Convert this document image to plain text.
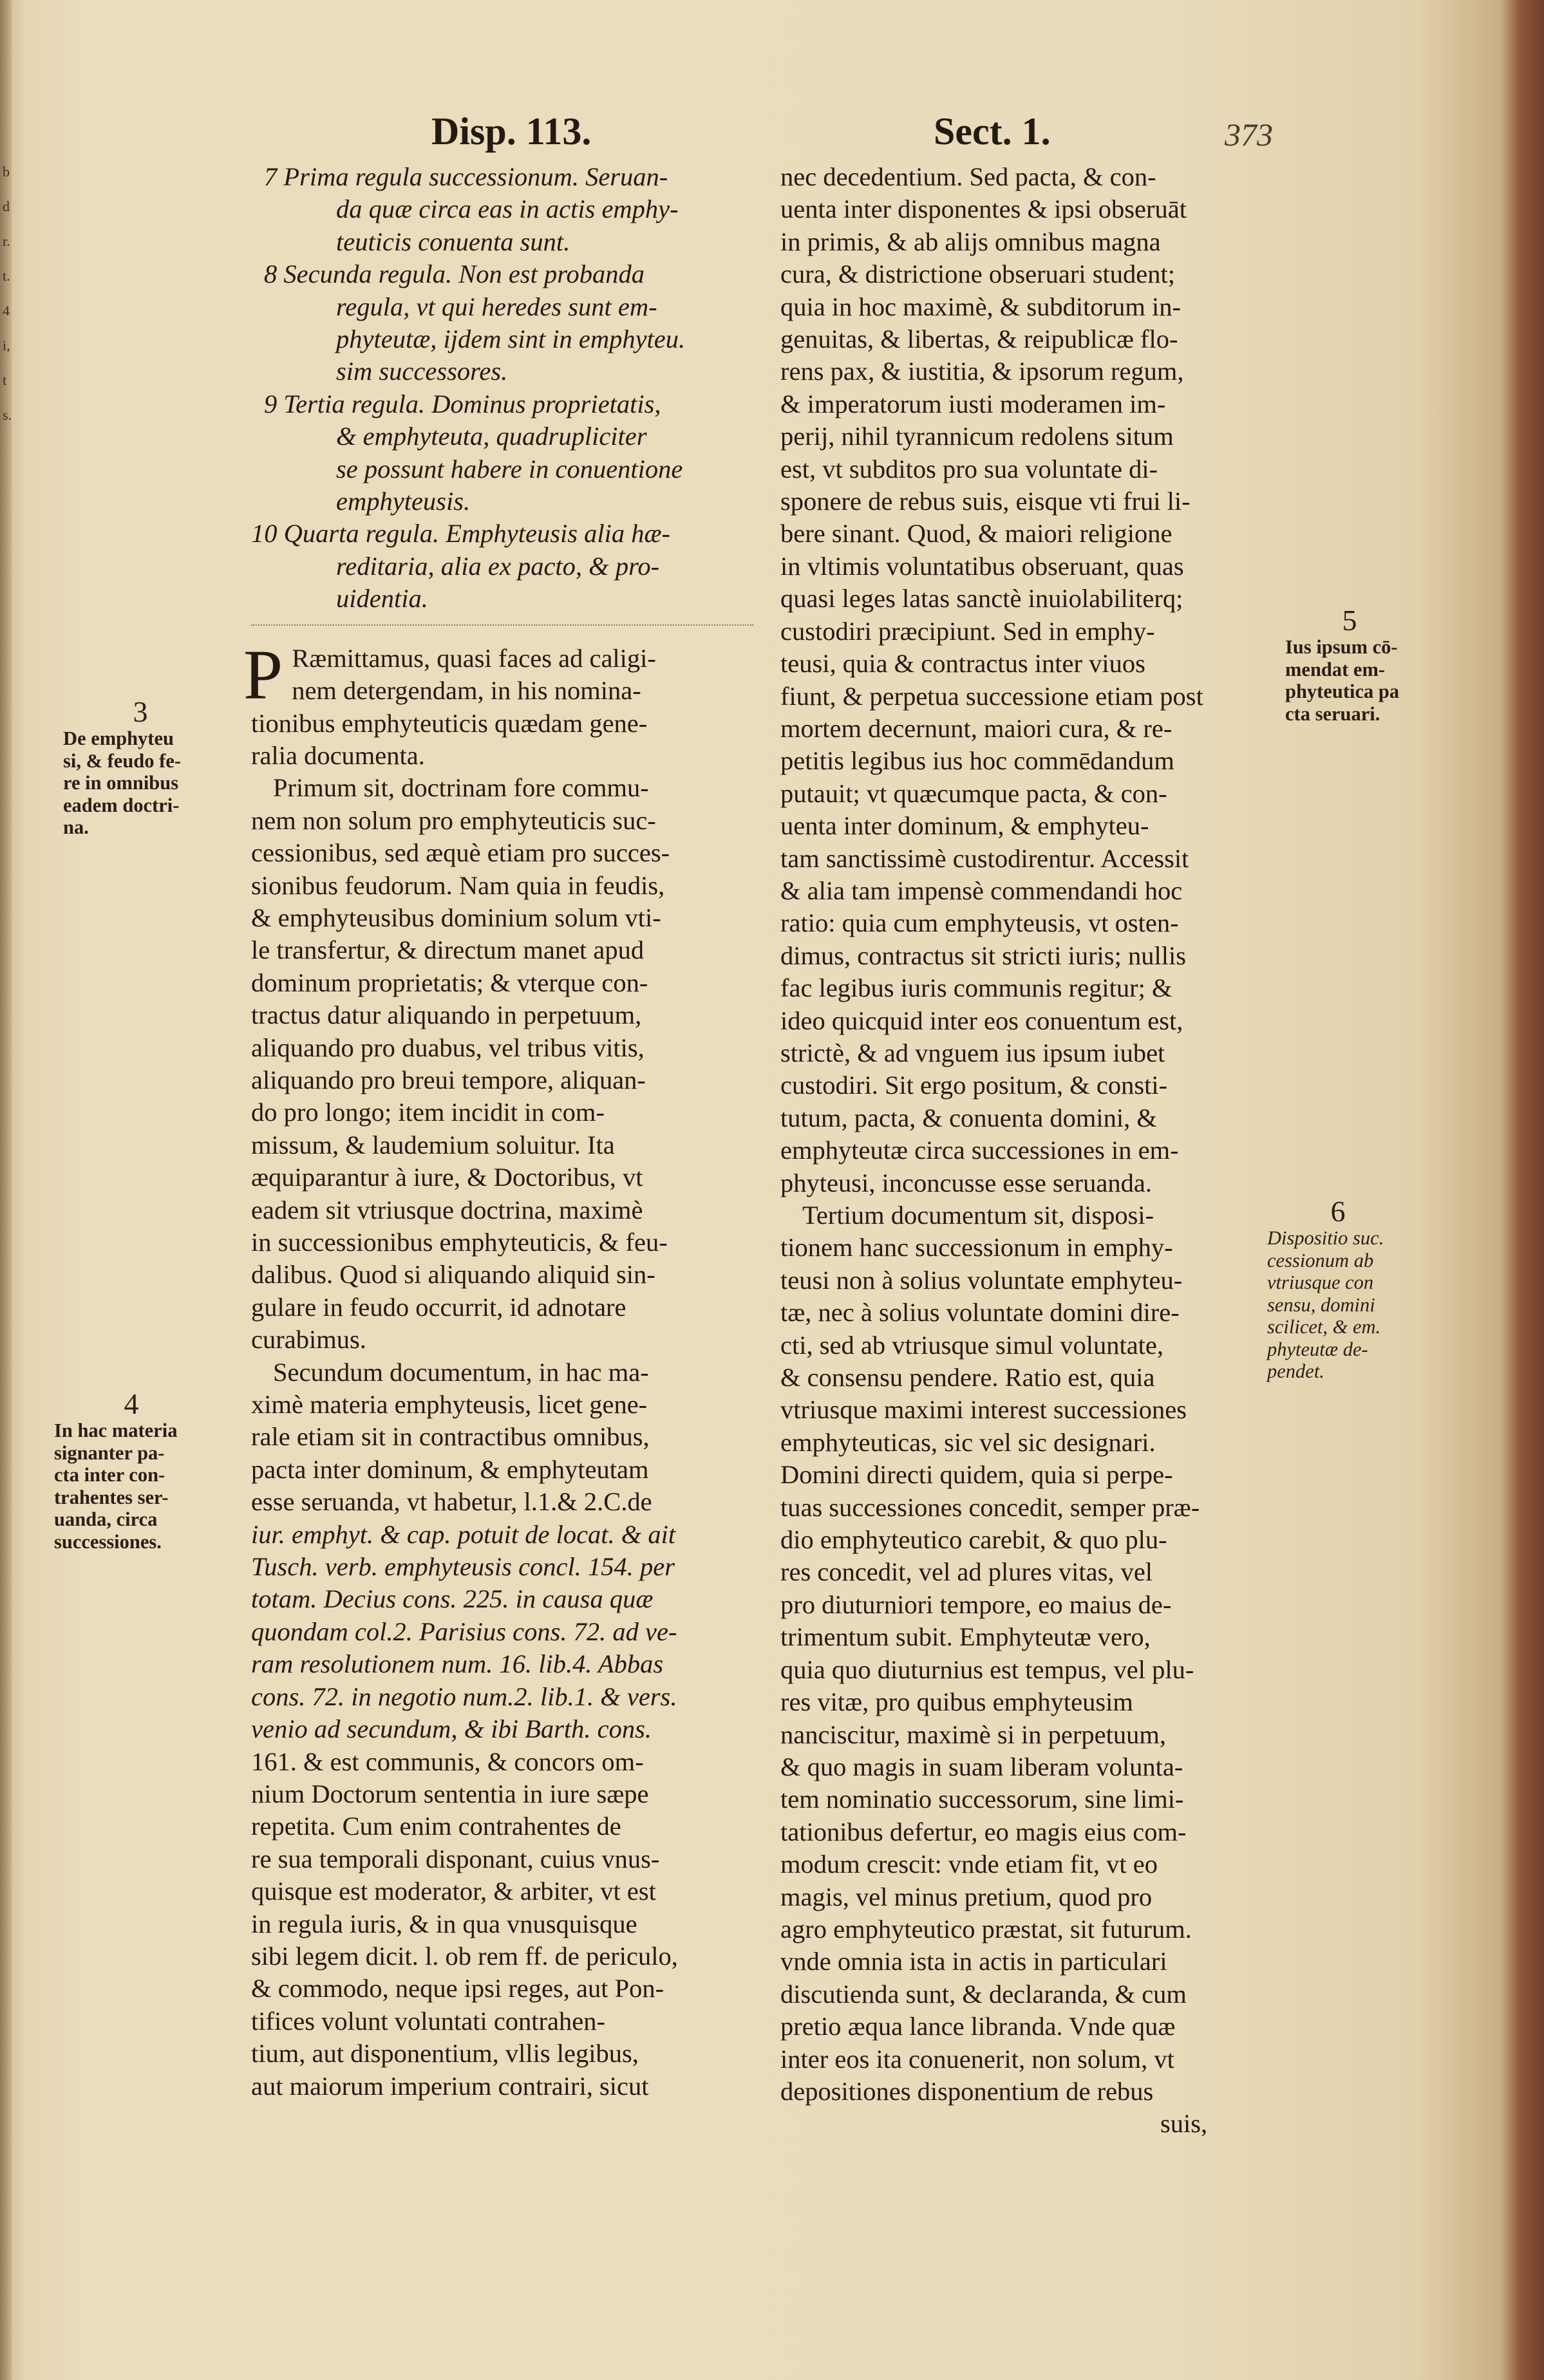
b
d
r.
t.
4
i,
t
s.
Disp. 113.	Sect. 1.	373
7 Prima regula successionum. Seruan-
da quæ circa eas in actis emphy-
teuticis conuenta sunt.
8 Secunda regula. Non est probanda
regula, vt qui heredes sunt em-
phyteutæ, ijdem sint in emphyteu.
sim successores.
9 Tertia regula. Dominus proprietatis,
& emphyteuta, quadrupliciter
se possunt habere in conuentione
emphyteusis.
10 Quarta regula. Emphyteusis alia hæ-
reditaria, alia ex pacto, & pro-
uidentia.
P Ræmittamus, quasi faces ad caligi-
nem detergendam, in his nomina-
tionibus emphyteuticis quædam gene-
ralia documenta.
Primum sit, doctrinam fore commu-
nem non solum pro emphyteuticis suc-
cessionibus, sed æquè etiam pro succes-
sionibus feudorum. Nam quia in feudis,
& emphyteusibus dominium solum vti-
le transfertur, & directum manet apud
dominum proprietatis; & vterque con-
tractus datur aliquando in perpetuum,
aliquando pro duabus, vel tribus vitis,
aliquando pro breui tempore, aliquan-
do pro longo; item incidit in com-
missum, & laudemium soluitur. Ita
æquiparantur à iure, & Doctoribus, vt
eadem sit vtriusque doctrina, maximè
in successionibus emphyteuticis, & feu-
dalibus. Quod si aliquando aliquid sin-
gulare in feudo occurrit, id adnotare
curabimus.
Secundum documentum, in hac ma-
ximè materia emphyteusis, licet gene-
rale etiam sit in contractibus omnibus,
pacta inter dominum, & emphyteutam
esse seruanda, vt habetur, l.1.& 2.C.de
iur. emphyt. & cap. potuit de locat. & ait
Tusch. verb. emphyteusis concl. 154. per
totam. Decius cons. 225. in causa quæ
quondam col.2. Parisius cons. 72. ad ve-
ram resolutionem num. 16. lib.4. Abbas
cons. 72. in negotio num.2. lib.1. & vers.
venio ad secundum, & ibi Barth. cons.
161. & est communis, & concors om-
nium Doctorum sententia in iure sæpe
repetita. Cum enim contrahentes de
re sua temporali disponant, cuius vnus-
quisque est moderator, & arbiter, vt est
in regula iuris, & in qua vnusquisque
sibi legem dicit. l. ob rem ff. de periculo,
& commodo, neque ipsi reges, aut Pon-
tifices volunt voluntati contrahen-
tium, aut disponentium, vllis legibus,
aut maiorum imperium contrairi, sicut
nec decedentium. Sed pacta, & con-
uenta inter disponentes & ipsi obseruāt
in primis, & ab alijs omnibus magna
cura, & districtione obseruari student;
quia in hoc maximè, & subditorum in-
genuitas, & libertas, & reipublicæ flo-
rens pax, & iustitia, & ipsorum regum,
& imperatorum iusti moderamen im-
perij, nihil tyrannicum redolens situm
est, vt subditos pro sua voluntate di-
sponere de rebus suis, eisque vti frui li-
bere sinant. Quod, & maiori religione
in vltimis voluntatibus obseruant, quas
quasi leges latas sanctè inuiolabiliterq;
custodiri præcipiunt. Sed in emphy-
teusi, quia & contractus inter viuos
fiunt, & perpetua successione etiam post
mortem decernunt, maiori cura, & re-
petitis legibus ius hoc commēdandum
putauit; vt quæcumque pacta, & con-
uenta inter dominum, & emphyteu-
tam sanctissimè custodirentur. Accessit
& alia tam impensè commendandi hoc
ratio: quia cum emphyteusis, vt osten-
dimus, contractus sit stricti iuris; nullis
fac legibus iuris communis regitur; &
ideo quicquid inter eos conuentum est,
strictè, & ad vnguem ius ipsum iubet
custodiri. Sit ergo positum, & consti-
tutum, pacta, & conuenta domini, &
emphyteutæ circa successiones in em-
phyteusi, inconcusse esse seruanda.
Tertium documentum sit, disposi-
tionem hanc successionum in emphy-
teusi non à solius voluntate emphyteu-
tæ, nec à solius voluntate domini dire-
cti, sed ab vtriusque simul voluntate,
& consensu pendere. Ratio est, quia
vtriusque maximi interest successiones
emphyteuticas, sic vel sic designari.
Domini directi quidem, quia si perpe-
tuas successiones concedit, semper præ-
dio emphyteutico carebit, & quo plu-
res concedit, vel ad plures vitas, vel
pro diuturniori tempore, eo maius de-
trimentum subit. Emphyteutæ vero,
quia quo diuturnius est tempus, vel plu-
res vitæ, pro quibus emphyteusim
nanciscitur, maximè si in perpetuum,
& quo magis in suam liberam volunta-
tem nominatio successorum, sine limi-
tationibus defertur, eo magis eius com-
modum crescit: vnde etiam fit, vt eo
magis, vel minus pretium, quod pro
agro emphyteutico præstat, sit futurum.
vnde omnia ista in actis in particulari
discutienda sunt, & declaranda, & cum
pretio æqua lance libranda. Vnde quæ
inter eos ita conuenerit, non solum, vt
depositiones disponentium de rebus
suis,
3
De emphyteu
si, & feudo fe-
re in omnibus
eadem doctri-
na.
4
In hac materia
signanter pa-
cta inter con-
trahentes ser-
uanda, circa
successiones.
5
Ius ipsum cō-
mendat em-
phyteutica pa
cta seruari.
6
Dispositio suc.
cessionum ab
vtriusque con
sensu, domini
scilicet, & em.
phyteutæ de-
pendet.
